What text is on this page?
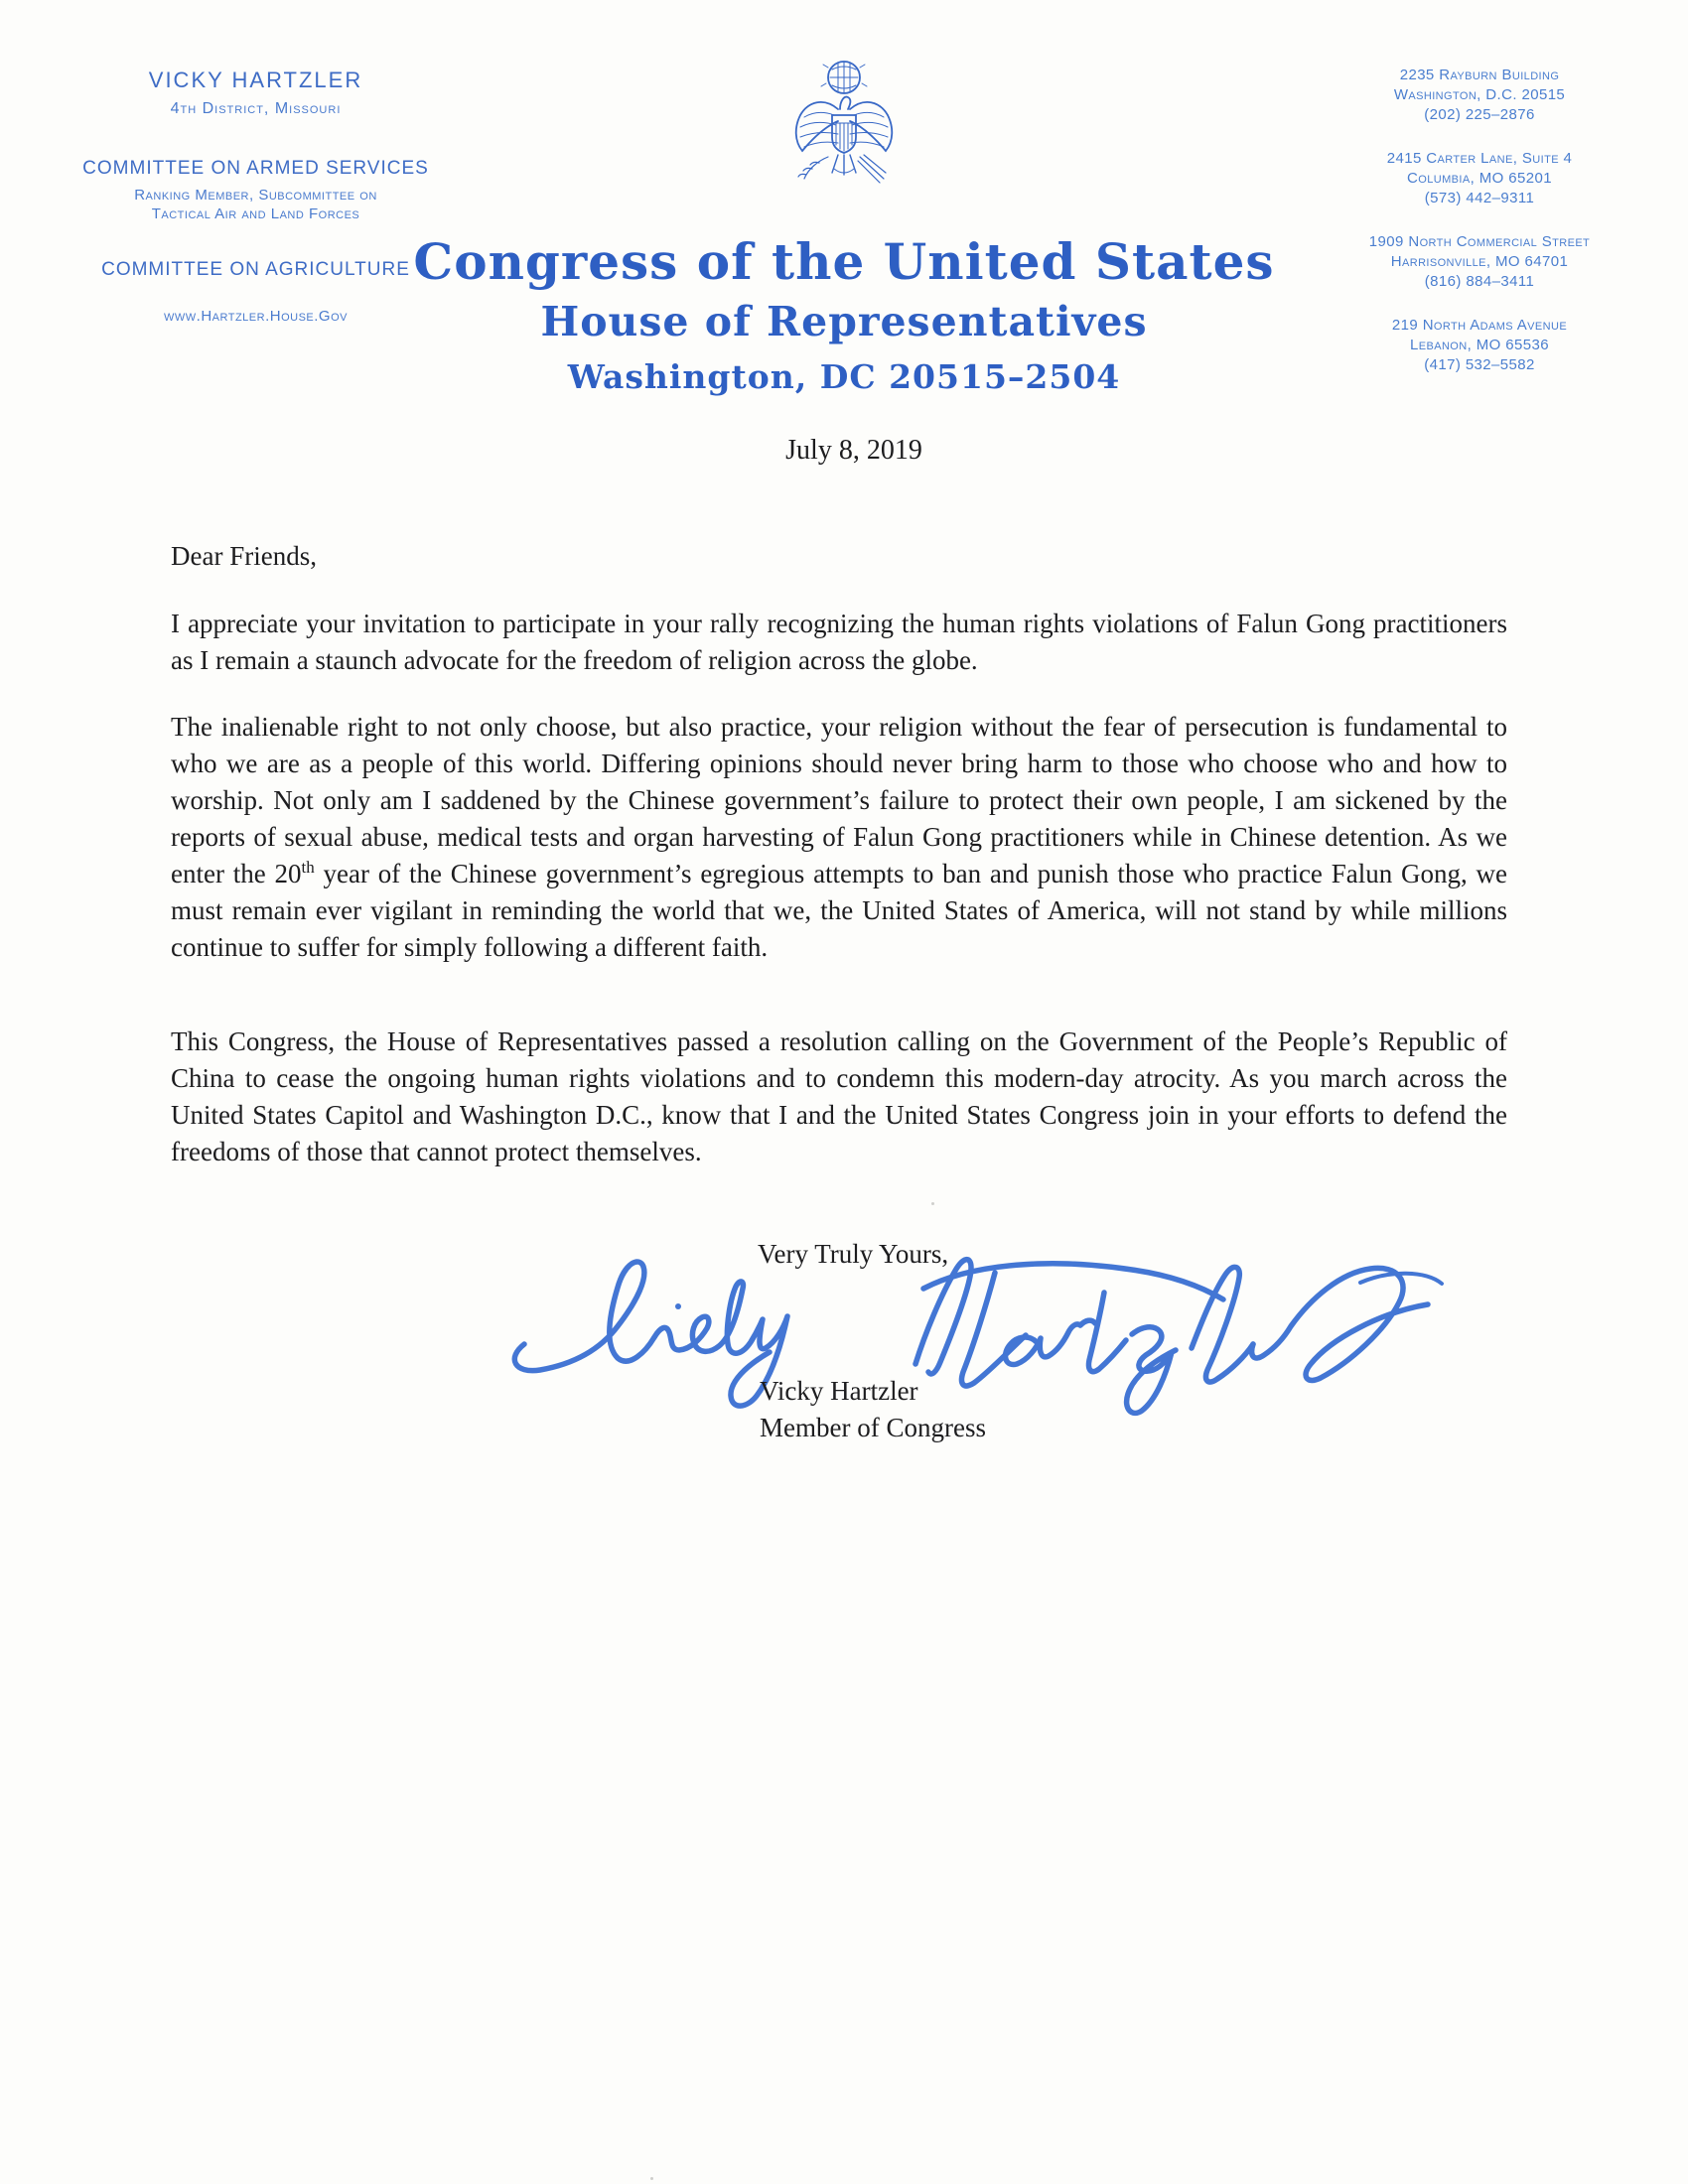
VICKY HARTZLER
4th District, Missouri
COMMITTEE ON ARMED SERVICES
Ranking Member, Subcommittee on
Tactical Air and Land Forces
COMMITTEE ON AGRICULTURE
www.Hartzler.House.Gov
2235 Rayburn Building
Washington, D.C. 20515
(202) 225–2876
2415 Carter Lane, Suite 4
Columbia, MO 65201
(573) 442–9311
1909 North Commercial Street
Harrisonville, MO 64701
(816) 884–3411
219 North Adams Avenue
Lebanon, MO 65536
(417) 532–5582
Congress of the United States
House of Representatives
Washington, DC 20515–2504
July 8, 2019
Dear Friends,
I appreciate your invitation to participate in your rally recognizing the human rights violations of Falun Gong practitioners as I remain a staunch advocate for the freedom of religion across the globe.
The inalienable right to not only choose, but also practice, your religion without the fear of persecution is fundamental to who we are as a people of this world. Differing opinions should never bring harm to those who choose who and how to worship. Not only am I saddened by the Chinese government’s failure to protect their own people, I am sickened by the reports of sexual abuse, medical tests and organ harvesting of Falun Gong practitioners while in Chinese detention. As we enter the 20th year of the Chinese government’s egregious attempts to ban and punish those who practice Falun Gong, we must remain ever vigilant in reminding the world that we, the United States of America, will not stand by while millions continue to suffer for simply following a different faith.
This Congress, the House of Representatives passed a resolution calling on the Government of the People’s Republic of China to cease the ongoing human rights violations and to condemn this modern-day atrocity. As you march across the United States Capitol and Washington D.C., know that I and the United States Congress join in your efforts to defend the freedoms of those that cannot protect themselves.
Very Truly Yours,
Vicky Hartzler
Member of Congress
